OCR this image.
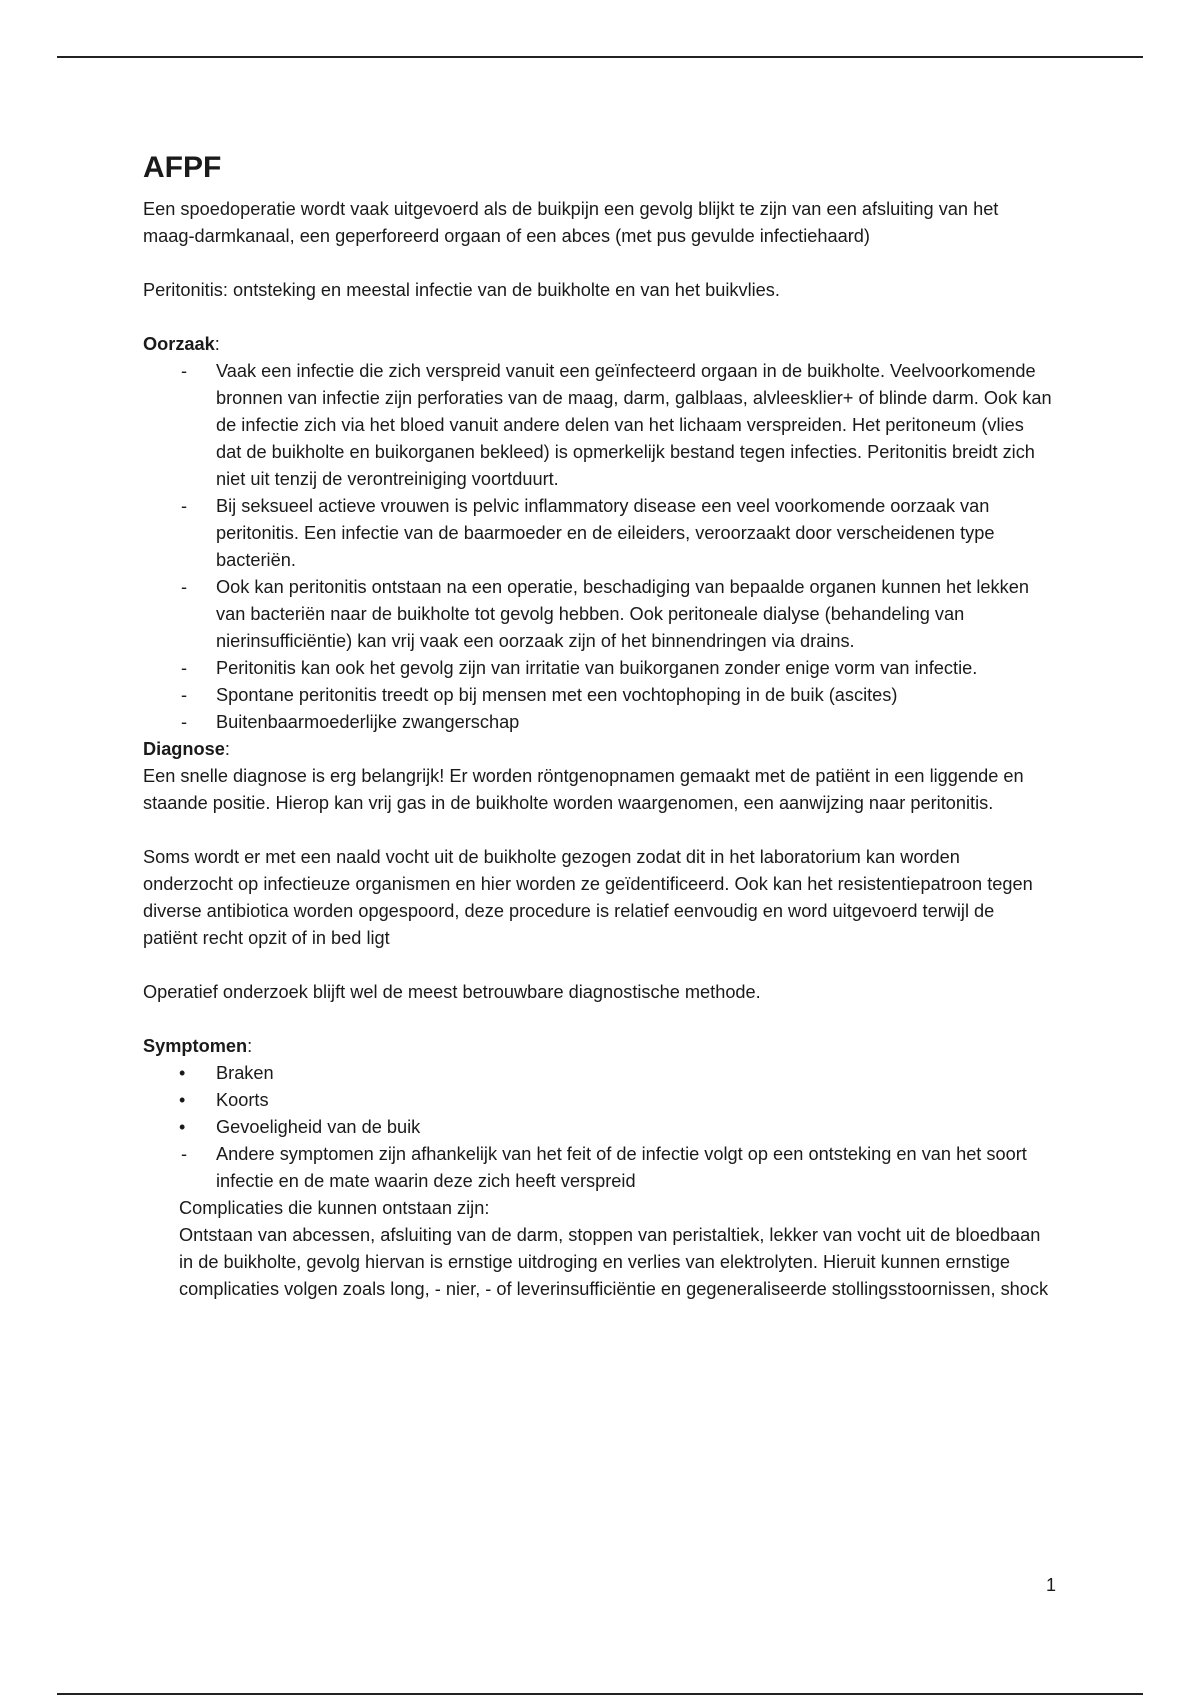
AFPF

Een spoedoperatie wordt vaak uitgevoerd als de buikpijn een gevolg blijkt te zijn van een afsluiting van het maag-darmkanaal, een geperforeerd orgaan of een abces (met pus gevulde infectiehaard)

Peritonitis: ontsteking en meestal infectie van de buikholte en van het buikvlies.

Oorzaak:

- Vaak een infectie die zich verspreid vanuit een geïnfecteerd orgaan in de buikholte. Veelvoorkomende bronnen van infectie zijn perforaties van de maag, darm, galblaas, alvleesklier+ of blinde darm. Ook kan de infectie zich via het bloed vanuit andere delen van het lichaam verspreiden. Het peritoneum (vlies dat de buikholte en buikorganen bekleed) is opmerkelijk bestand tegen infecties. Peritonitis breidt zich niet uit tenzij de verontreiniging voortduurt.
- Bij seksueel actieve vrouwen is pelvic inflammatory disease een veel voorkomende oorzaak van peritonitis. Een infectie van de baarmoeder en de eileiders, veroorzaakt door verscheidenen type bacteriën.
- Ook kan peritonitis ontstaan na een operatie, beschadiging van bepaalde organen kunnen het lekken van bacteriën naar de buikholte tot gevolg hebben. Ook peritoneale dialyse (behandeling van nierinsufficiëntie) kan vrij vaak een oorzaak zijn of het binnendringen via drains.
- Peritonitis kan ook het gevolg zijn van irritatie van buikorganen zonder enige vorm van infectie.
- Spontane peritonitis treedt op bij mensen met een vochtophoping in de buik (ascites)
- Buitenbaarmoederlijke zwangerschap

Diagnose:

Een snelle diagnose is erg belangrijk! Er worden röntgenopnamen gemaakt met de patiënt in een liggende en staande positie. Hierop kan vrij gas in de buikholte worden waargenomen, een aanwijzing naar peritonitis.

Soms wordt er met een naald vocht uit de buikholte gezogen zodat dit in het laboratorium kan worden onderzocht op infectieuze organismen en hier worden ze geïdentificeerd. Ook kan het resistentiepatroon tegen diverse antibiotica worden opgespoord, deze procedure is relatief eenvoudig en word uitgevoerd terwijl de patiënt recht opzit of in bed ligt

Operatief onderzoek blijft wel de meest betrouwbare diagnostische methode.

Symptomen:

• Braken
• Koorts
• Gevoeligheid van de buik
- Andere symptomen zijn afhankelijk van het feit of de infectie volgt op een ontsteking en van het soort infectie en de mate waarin deze zich heeft verspreid

Complicaties die kunnen ontstaan zijn:

Ontstaan van abcessen, afsluiting van de darm, stoppen van peristaltiek, lekker van vocht uit de bloedbaan in de buikholte, gevolg hiervan is ernstige uitdroging en verlies van elektrolyten. Hieruit kunnen ernstige complicaties volgen zoals long, - nier, - of leverinsufficiëntie en gegeneraliseerde stollingsstoornissen, shock

1
